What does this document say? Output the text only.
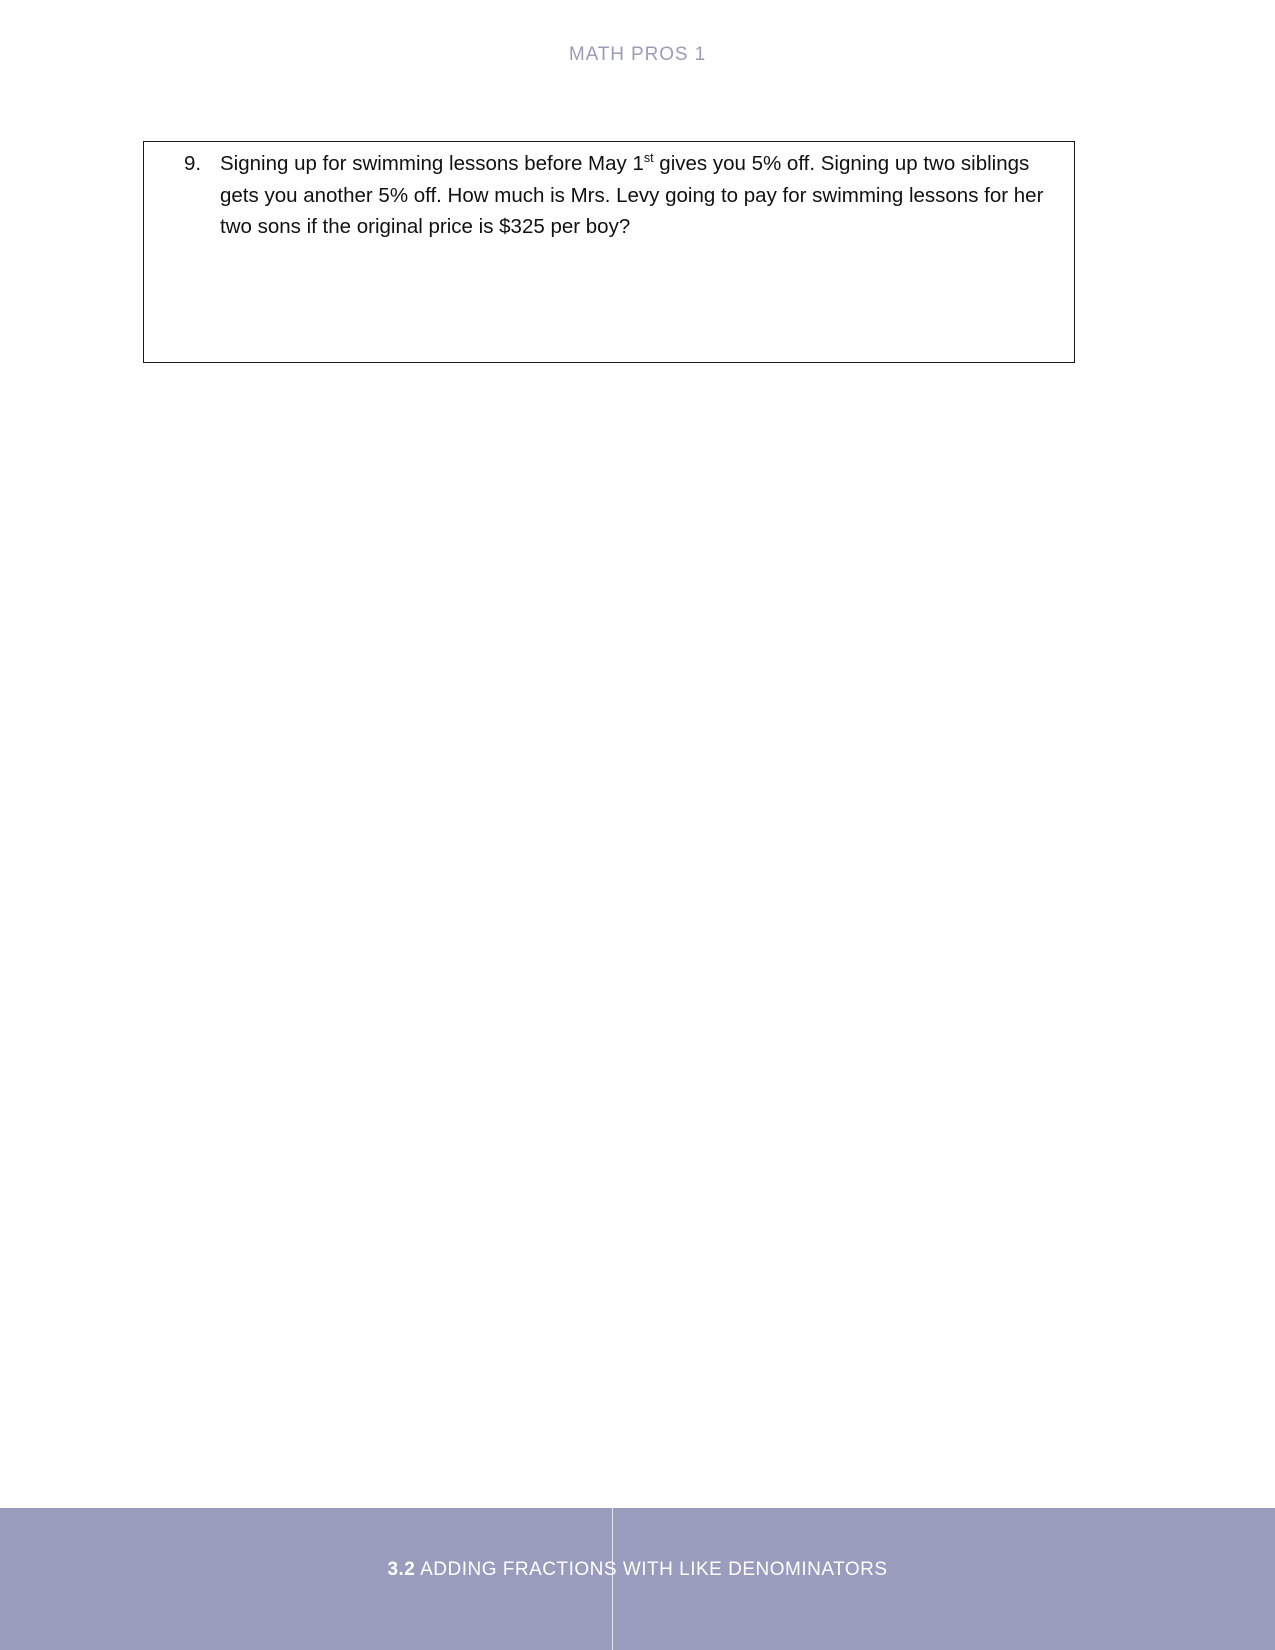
MATH PROS 1
9. Signing up for swimming lessons before May 1st gives you 5% off. Signing up two siblings gets you another 5% off. How much is Mrs. Levy going to pay for swimming lessons for her two sons if the original price is $325 per boy?
3.2 ADDING FRACTIONS WITH LIKE DENOMINATORS
